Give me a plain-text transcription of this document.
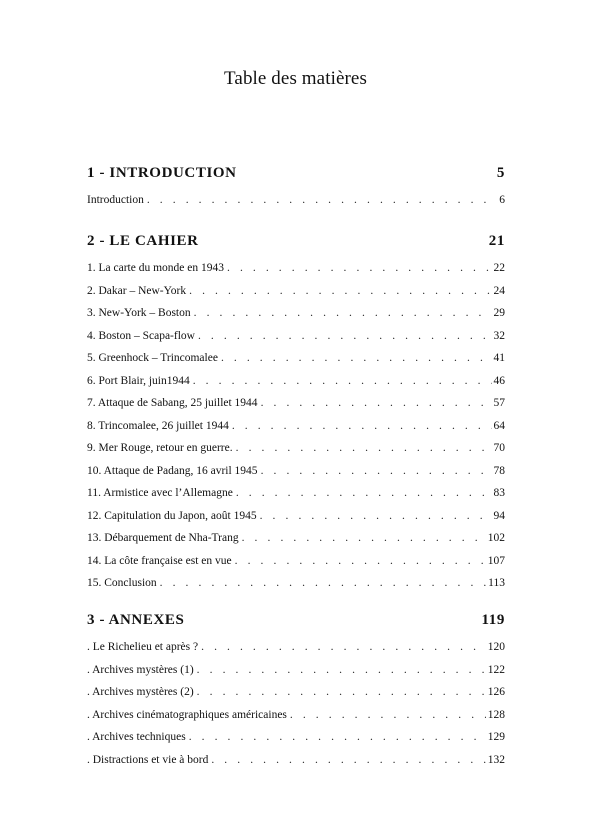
Table des matières
1 - INTRODUCTION	5
Introduction . . .	6
2 - LE CAHIER	21
1. La carte du monde en 1943 . . .	22
2. Dakar – New-York . . .	24
3. New-York – Boston . . .	29
4. Boston – Scapa-flow . . .	32
5. Greenhock – Trincomalee . . .	41
6. Port Blair, juin1944 . . .	46
7. Attaque de Sabang, 25 juillet 1944 . . .	57
8. Trincomalee, 26 juillet 1944 . . .	64
9. Mer Rouge, retour en guerre. . . .	70
10. Attaque de Padang, 16 avril 1945 . . .	78
11. Armistice avec l’Allemagne . . .	83
12. Capitulation du Japon, août 1945 . . .	94
13. Débarquement de Nha-Trang . . .	102
14. La côte française est en vue . . .	107
15. Conclusion . . .	113
3 - ANNEXES	119
. Le Richelieu et après ? . . .	120
. Archives mystères (1) . . .	122
. Archives mystères (2) . . .	126
. Archives cinématographiques américaines . . .	128
. Archives techniques . . .	129
. Distractions et vie à bord . . .	132
